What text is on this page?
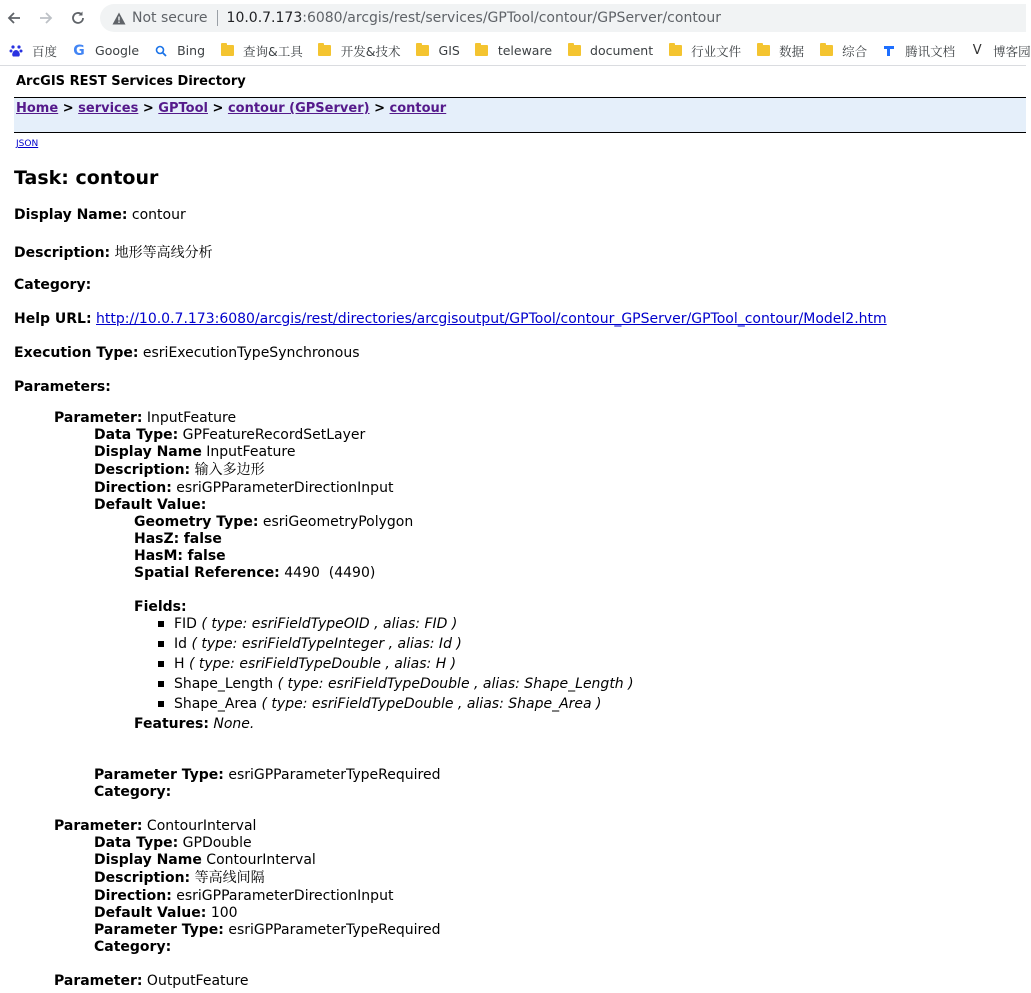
Not secure 10.0.7.173:6080/arcgis/rest/services/GPTool/contour/GPServer/contour
百度 G Google	Bing	查询&工具	开发&技术	GIS	teleware	document	行业文件	数据	综合	腾讯文档 V 博客园
ArcGIS REST Services Directory
Home > services > GPTool > contour (GPServer) > contour
JSON
Task: contour
Display Name: contour
Description: 地形等高线分析
Category:
Help URL: http://10.0.7.173:6080/arcgis/rest/directories/arcgisoutput/GPTool/contour_GPServer/GPTool_contour/Model2.htm
Execution Type: esriExecutionTypeSynchronous
Parameters:
Parameter: InputFeature
Data Type: GPFeatureRecordSetLayer
Display Name InputFeature
Description: 输入多边形
Direction: esriGPParameterDirectionInput
Default Value:
Geometry Type: esriGeometryPolygon
HasZ: false
HasM: false
Spatial Reference: 4490  (4490)
Fields:
FID ( type: esriFieldTypeOID , alias: FID )
Id ( type: esriFieldTypeInteger , alias: Id )
H ( type: esriFieldTypeDouble , alias: H )
Shape_Length ( type: esriFieldTypeDouble , alias: Shape_Length )
Shape_Area ( type: esriFieldTypeDouble , alias: Shape_Area )
Features: None.
Parameter Type: esriGPParameterTypeRequired
Category:
Parameter: ContourInterval
Data Type: GPDouble
Display Name ContourInterval
Description: 等高线间隔
Direction: esriGPParameterDirectionInput
Default Value: 100
Parameter Type: esriGPParameterTypeRequired
Category:
Parameter: OutputFeature
